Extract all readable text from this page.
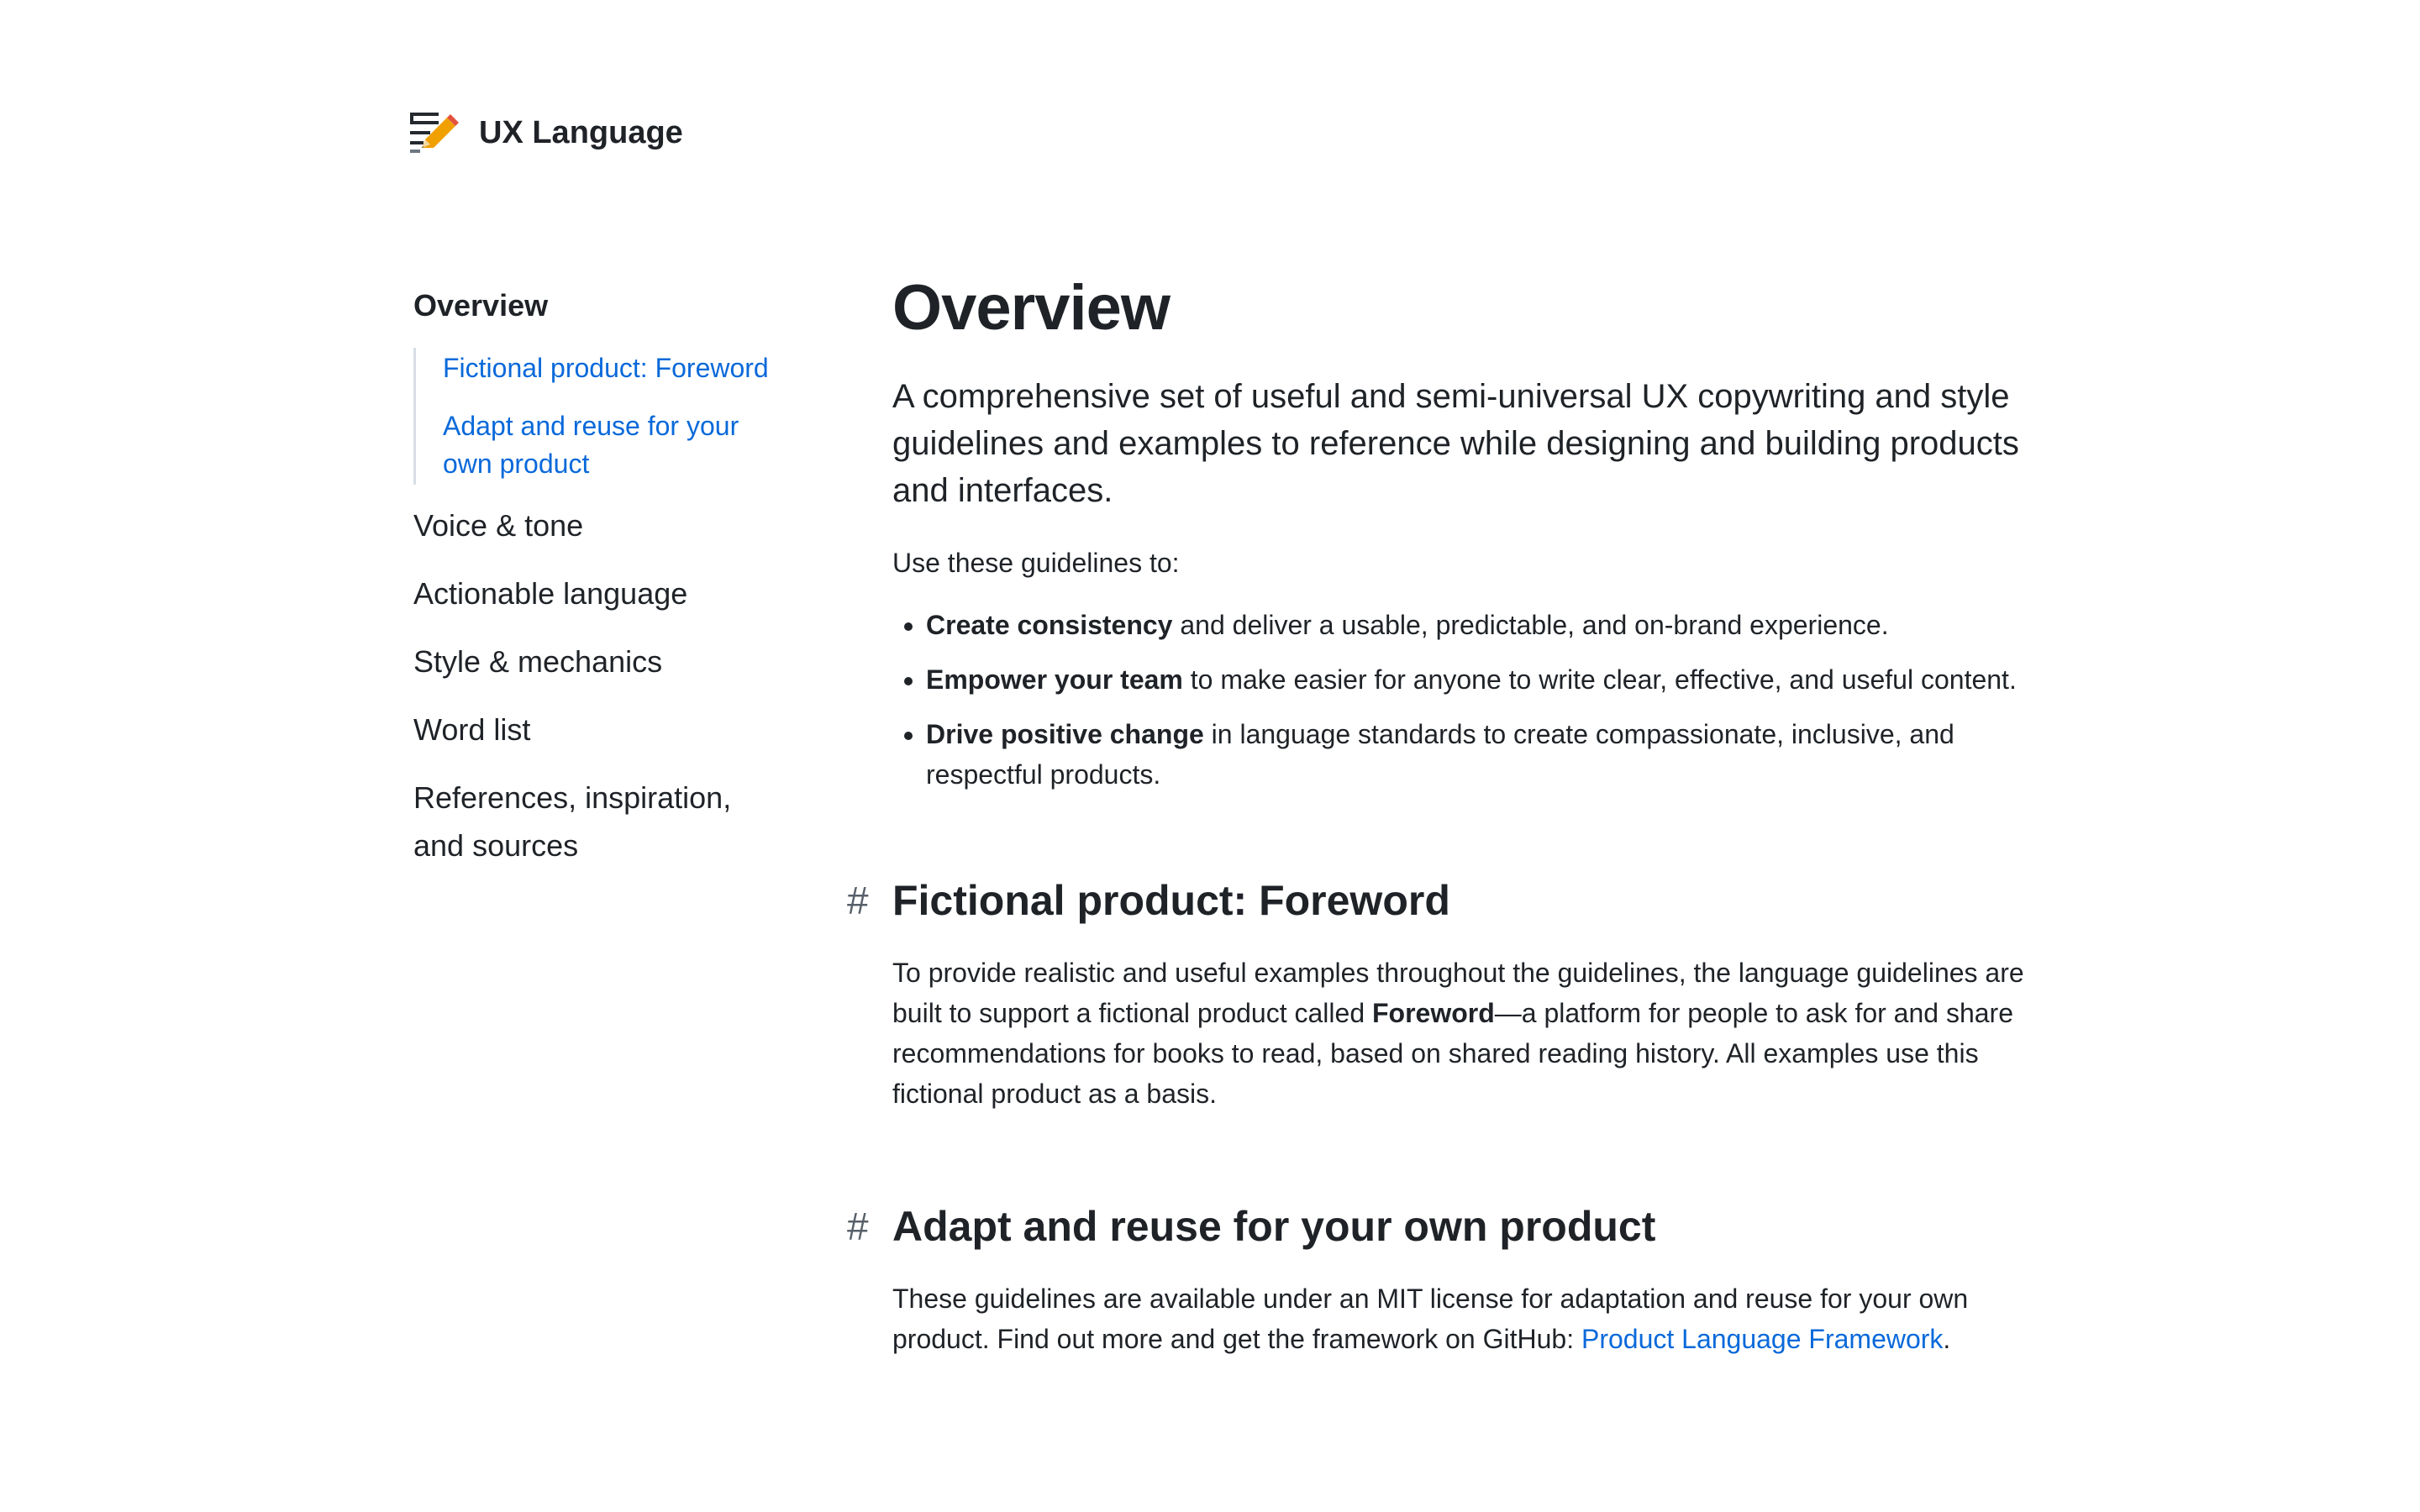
UX Language
Overview
Fictional product: Foreword
Adapt and reuse for your own product
Voice & tone
Actionable language
Style & mechanics
Word list
References, inspiration, and sources
Overview

A comprehensive set of useful and semi-universal UX copywriting and style guidelines and examples to reference while designing and building products and interfaces.

Use these guidelines to:

• Create consistency and deliver a usable, predictable, and on-brand experience.
• Empower your team to make easier for anyone to write clear, effective, and useful content.
• Drive positive change in language standards to create compassionate, inclusive, and respectful products.
# Fictional product: Foreword

To provide realistic and useful examples throughout the guidelines, the language guidelines are built to support a fictional product called Foreword—a platform for people to ask for and share recommendations for books to read, based on shared reading history. All examples use this fictional product as a basis.

# Adapt and reuse for your own product

These guidelines are available under an MIT license for adaptation and reuse for your own product. Find out more and get the framework on GitHub: Product Language Framework.
